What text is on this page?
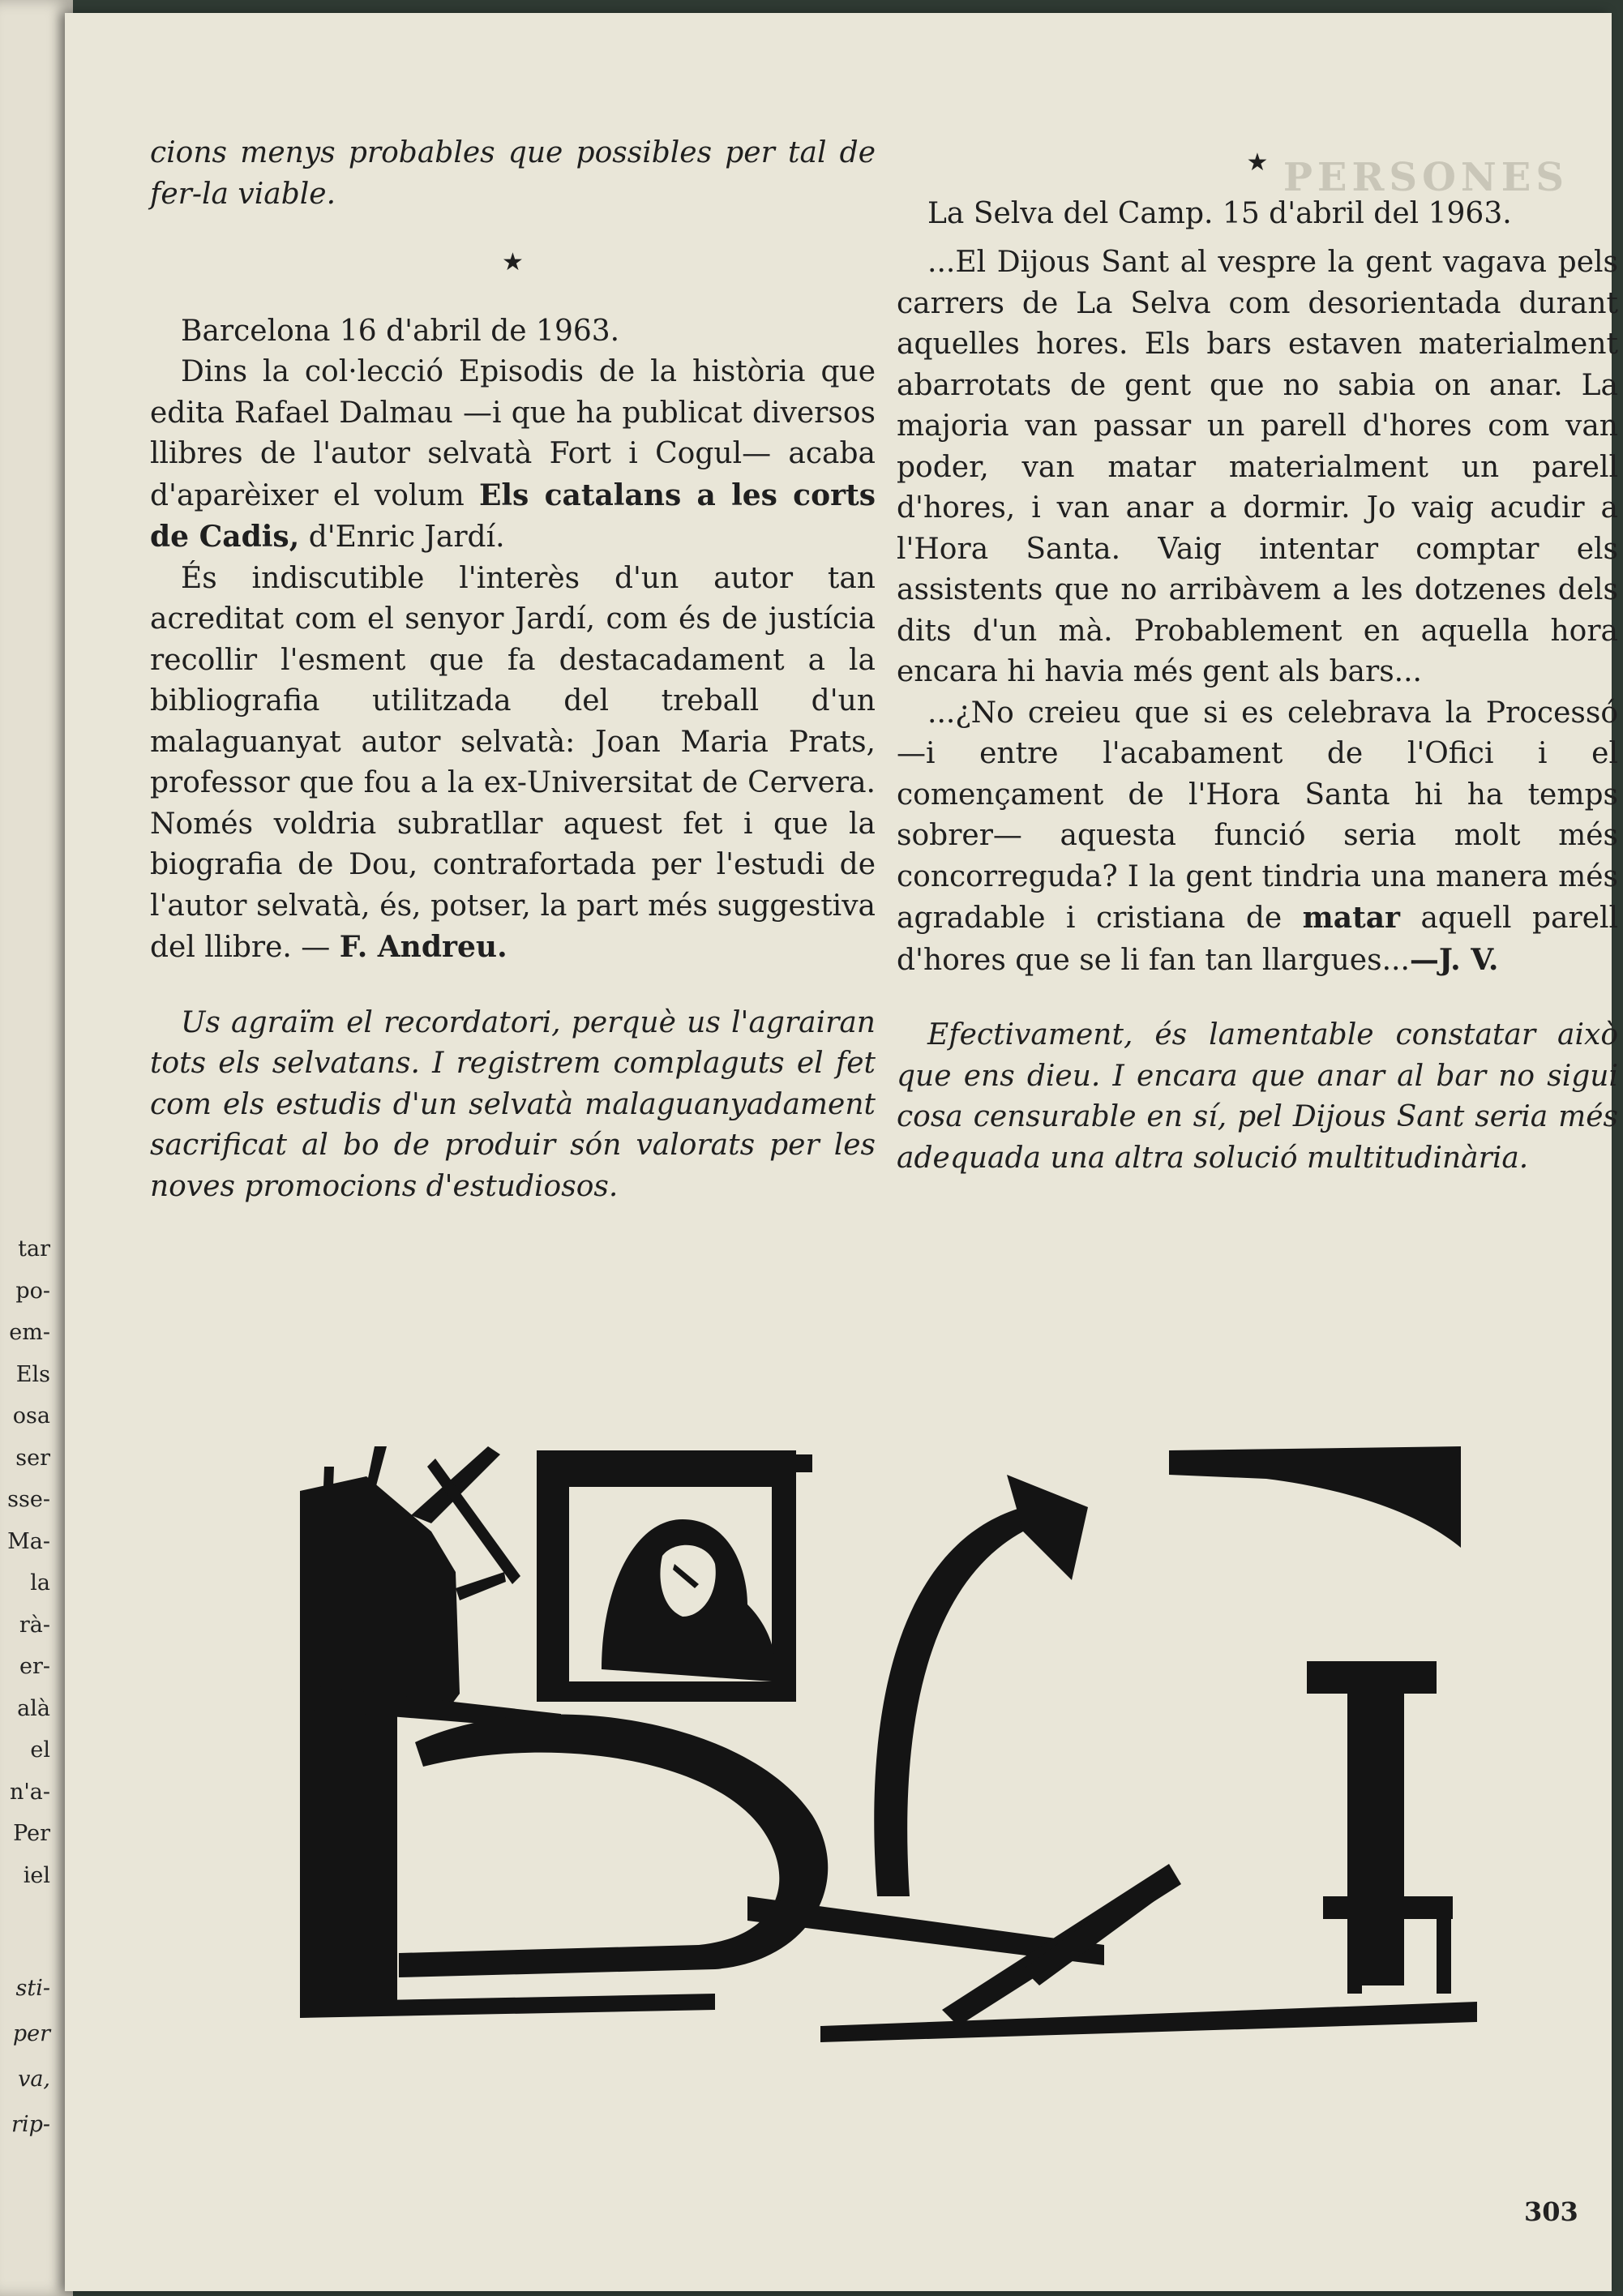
tar
po-
em-
Els
osa
ser
sse-
Ma-
la
rà-
er-
alà
el
n'a-
Per
iel
sti-
per
va,
rip-
PERSONES

cions menys probables que possibles per tal de fer-la viable.

★

Barcelona 16 d'abril de 1963.

Dins la col·lecció Episodis de la història que edita Rafael Dalmau —i que ha publicat diversos llibres de l'autor selvatà Fort i Cogul— acaba d'aparèixer el volum Els catalans a les corts de Cadis, d'Enric Jardí.

És indiscutible l'interès d'un autor tan acreditat com el senyor Jardí, com és de justícia recollir l'esment que fa destacadament a la bibliografia utilitzada del treball d'un malaguanyat autor selvatà: Joan Maria Prats, professor que fou a la ex-Universitat de Cervera. Només voldria subratllar aquest fet i que la biografia de Dou, contrafortada per l'estudi de l'autor selvatà, és, potser, la part més suggestiva del llibre. — F. Andreu.

Us agraïm el recordatori, perquè us l'agrairan tots els selvatans. I registrem complaguts el fet com els estudis d'un selvatà malaguanyadament sacrificat al bo de produir són valorats per les noves promocions d'estudiosos.

★

La Selva del Camp. 15 d'abril del 1963.

...El Dijous Sant al vespre la gent vagava pels carrers de La Selva com desorientada durant aquelles hores. Els bars estaven materialment abarrotats de gent que no sabia on anar. La majoria van passar un parell d'hores com van poder, van matar materialment un parell d'hores, i van anar a dormir. Jo vaig acudir a l'Hora Santa. Vaig intentar comptar els assistents que no arribàvem a les dotzenes dels dits d'un mà. Probablement en aquella hora encara hi havia més gent als bars...

...¿No creieu que si es celebrava la Processó —i entre l'acabament de l'Ofici i el començament de l'Hora Santa hi ha temps sobrer— aquesta funció seria molt més concorreguda? I la gent tindria una manera més agradable i cristiana de matar aquell parell d'hores que se li fan tan llargues...—J. V.

Efectivament, és lamentable constatar això que ens dieu. I encara que anar al bar no sigui cosa censurable en sí, pel Dijous Sant seria més adequada una altra solució multitudinària.

303
